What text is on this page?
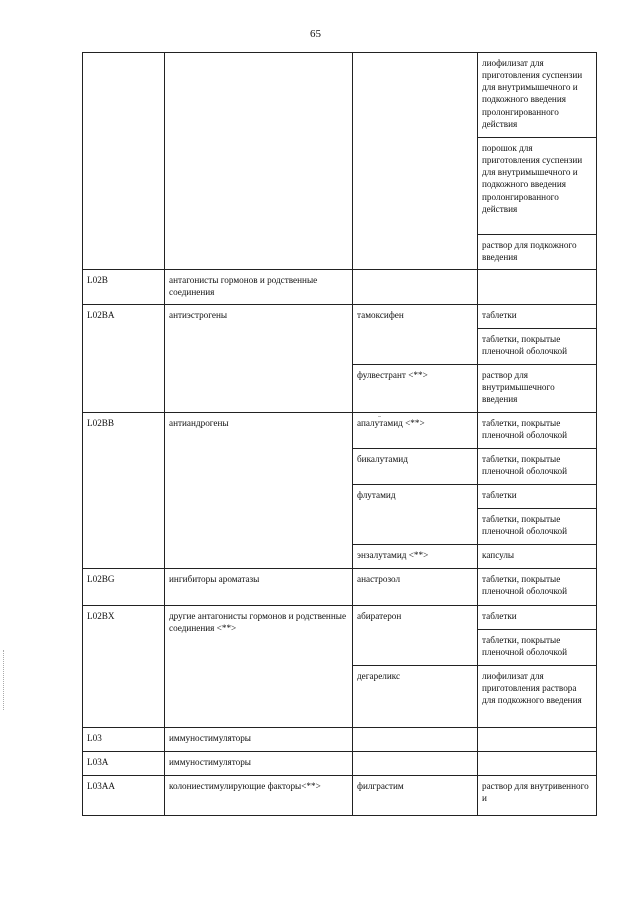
65
			лиофилизат для приготовления суспензии для внутримышечного и подкожного введения пролонгированного действия
			порошок для приготовления суспензии для внутримышечного и подкожного введения пролонгированного действия
			раствор для подкожного введения
L02B	антагонисты гормонов и родственные соединения		
L02BA	антиэстрогены	тамоксифен	таблетки
			таблетки, покрытые пленочной оболочкой
		фулвестрант <**>	раствор для внутримышечного введения
L02BB	антиандрогены	апалутамид <**>	таблетки, покрытые пленочной оболочкой
		бикалутамид	таблетки, покрытые пленочной оболочкой
		флутамид	таблетки
			таблетки, покрытые пленочной оболочкой
		энзалутамид <**>	капсулы
L02BG	ингибиторы ароматазы	анастрозол	таблетки, покрытые пленочной оболочкой
L02BX	другие антагонисты гормонов и родственные соединения <**>	абиратерон	таблетки
			таблетки, покрытые пленочной оболочкой
		дегареликс	лиофилизат для приготовления раствора для подкожного введения
L03	иммуностимуляторы		
L03A	иммуностимуляторы		
L03AA	колониестимулирующие факторы<**>	филграстим	раствор для внутривенного и
